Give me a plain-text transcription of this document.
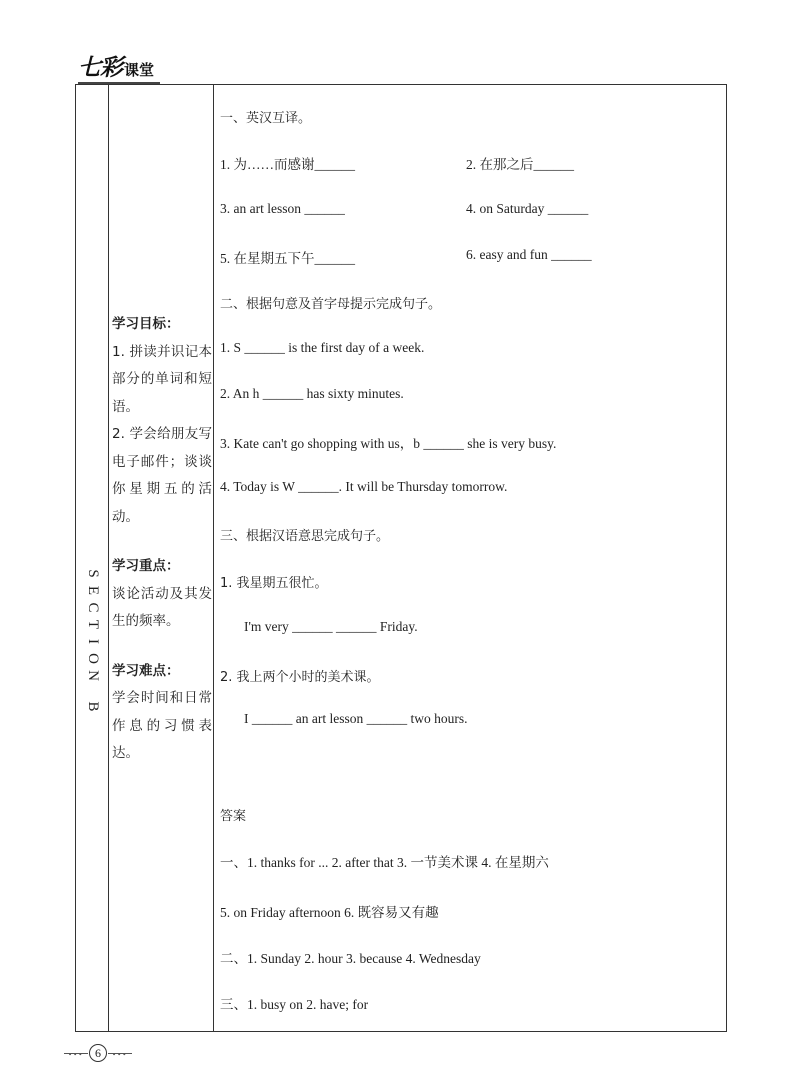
七彩 课堂
S
E
C
T
I
O
N
B
学习目标：
1. 拼读并识记本部分的单词和短语。
2. 学会给朋友写电子邮件；谈谈你星期五的活动。
学习重点：
谈论活动及其发生的频率。
学习难点：
学会时间和日常作息的习惯表达。
一、英汉互译。
1. 为……而感谢______	2. 在那之后______
3. an art lesson ______	4. on Saturday ______
5. 在星期五下午______	6. easy and fun ______
二、根据句意及首字母提示完成句子。
1. S ______ is the first day of a week.
2. An h ______ has sixty minutes.
3. Kate can't go shopping with us，b ______ she is very busy.
4. Today is W ______. It will be Thursday tomorrow.
三、根据汉语意思完成句子。
1. 我星期五很忙。
I'm very ______ ______ Friday.
2. 我上两个小时的美术课。
I ______ an art lesson ______ two hours.
答案
一、1. thanks for ... 2. after that 3. 一节美术课 4. 在星期六
5. on Friday afternoon 6. 既容易又有趣
二、1. Sunday 2. hour 3. because 4. Wednesday
三、1. busy on 2. have; for
••• 6	•••
